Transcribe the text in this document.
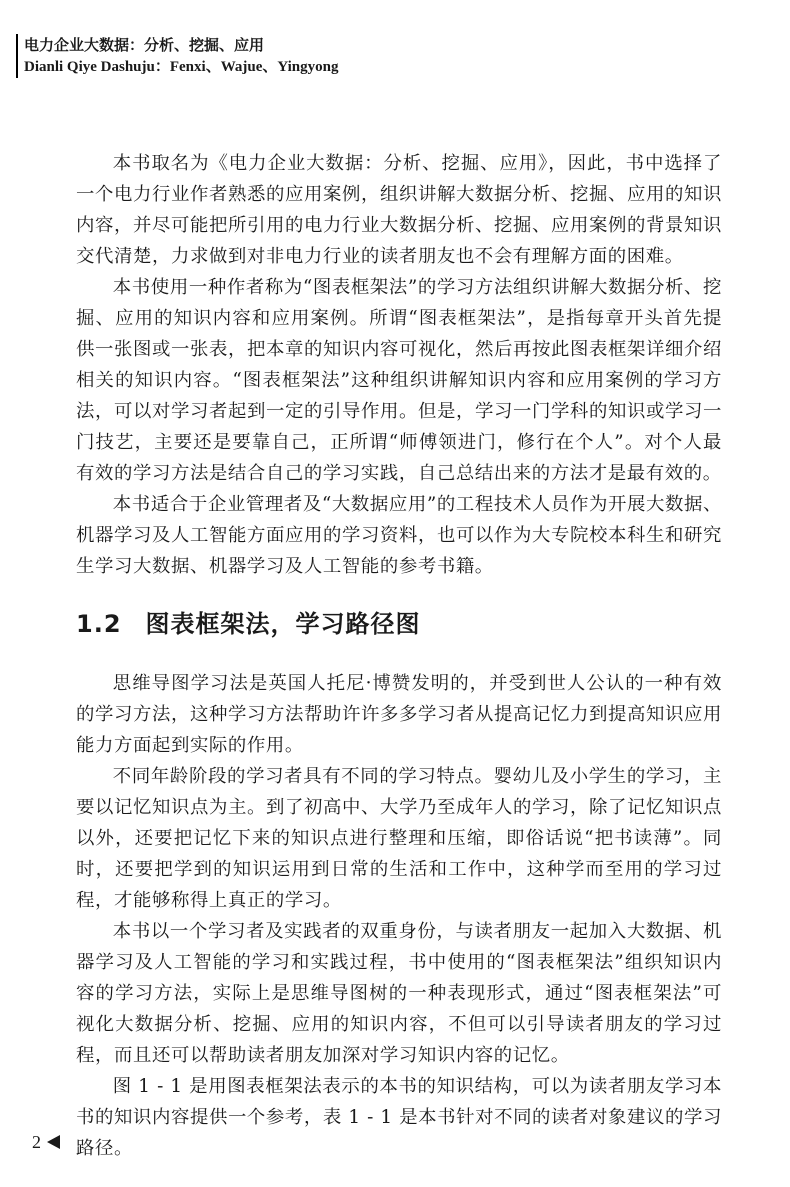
电力企业大数据：分析、挖掘、应用
Dianli Qiye Dashuju：Fenxi、Wajue、Yingyong

本书取名为《电力企业大数据：分析、挖掘、应用》，因此，书中选择了一个电力行业作者熟悉的应用案例，组织讲解大数据分析、挖掘、应用的知识内容，并尽可能把所引用的电力行业大数据分析、挖掘、应用案例的背景知识交代清楚，力求做到对非电力行业的读者朋友也不会有理解方面的困难。

本书使用一种作者称为“图表框架法”的学习方法组织讲解大数据分析、挖掘、应用的知识内容和应用案例。所谓“图表框架法”，是指每章开头首先提供一张图或一张表，把本章的知识内容可视化，然后再按此图表框架详细介绍相关的知识内容。“图表框架法”这种组织讲解知识内容和应用案例的学习方法，可以对学习者起到一定的引导作用。但是，学习一门学科的知识或学习一门技艺，主要还是要靠自己，正所谓“师傅领进门，修行在个人”。对个人最有效的学习方法是结合自己的学习实践，自己总结出来的方法才是最有效的。

本书适合于企业管理者及“大数据应用”的工程技术人员作为开展大数据、机器学习及人工智能方面应用的学习资料，也可以作为大专院校本科生和研究生学习大数据、机器学习及人工智能的参考书籍。

1.2 图表框架法，学习路径图

思维导图学习法是英国人托尼·博赞发明的，并受到世人公认的一种有效的学习方法，这种学习方法帮助许许多多学习者从提高记忆力到提高知识应用能力方面起到实际的作用。

不同年龄阶段的学习者具有不同的学习特点。婴幼儿及小学生的学习，主要以记忆知识点为主。到了初高中、大学乃至成年人的学习，除了记忆知识点以外，还要把记忆下来的知识点进行整理和压缩，即俗话说“把书读薄”。同时，还要把学到的知识运用到日常的生活和工作中，这种学而至用的学习过程，才能够称得上真正的学习。

本书以一个学习者及实践者的双重身份，与读者朋友一起加入大数据、机器学习及人工智能的学习和实践过程，书中使用的“图表框架法”组织知识内容的学习方法，实际上是思维导图树的一种表现形式，通过“图表框架法”可视化大数据分析、挖掘、应用的知识内容，不但可以引导读者朋友的学习过程，而且还可以帮助读者朋友加深对学习知识内容的记忆。

图 1 - 1 是用图表框架法表示的本书的知识结构，可以为读者朋友学习本书的知识内容提供一个参考，表 1 - 1 是本书针对不同的读者对象建议的学习路径。

2
